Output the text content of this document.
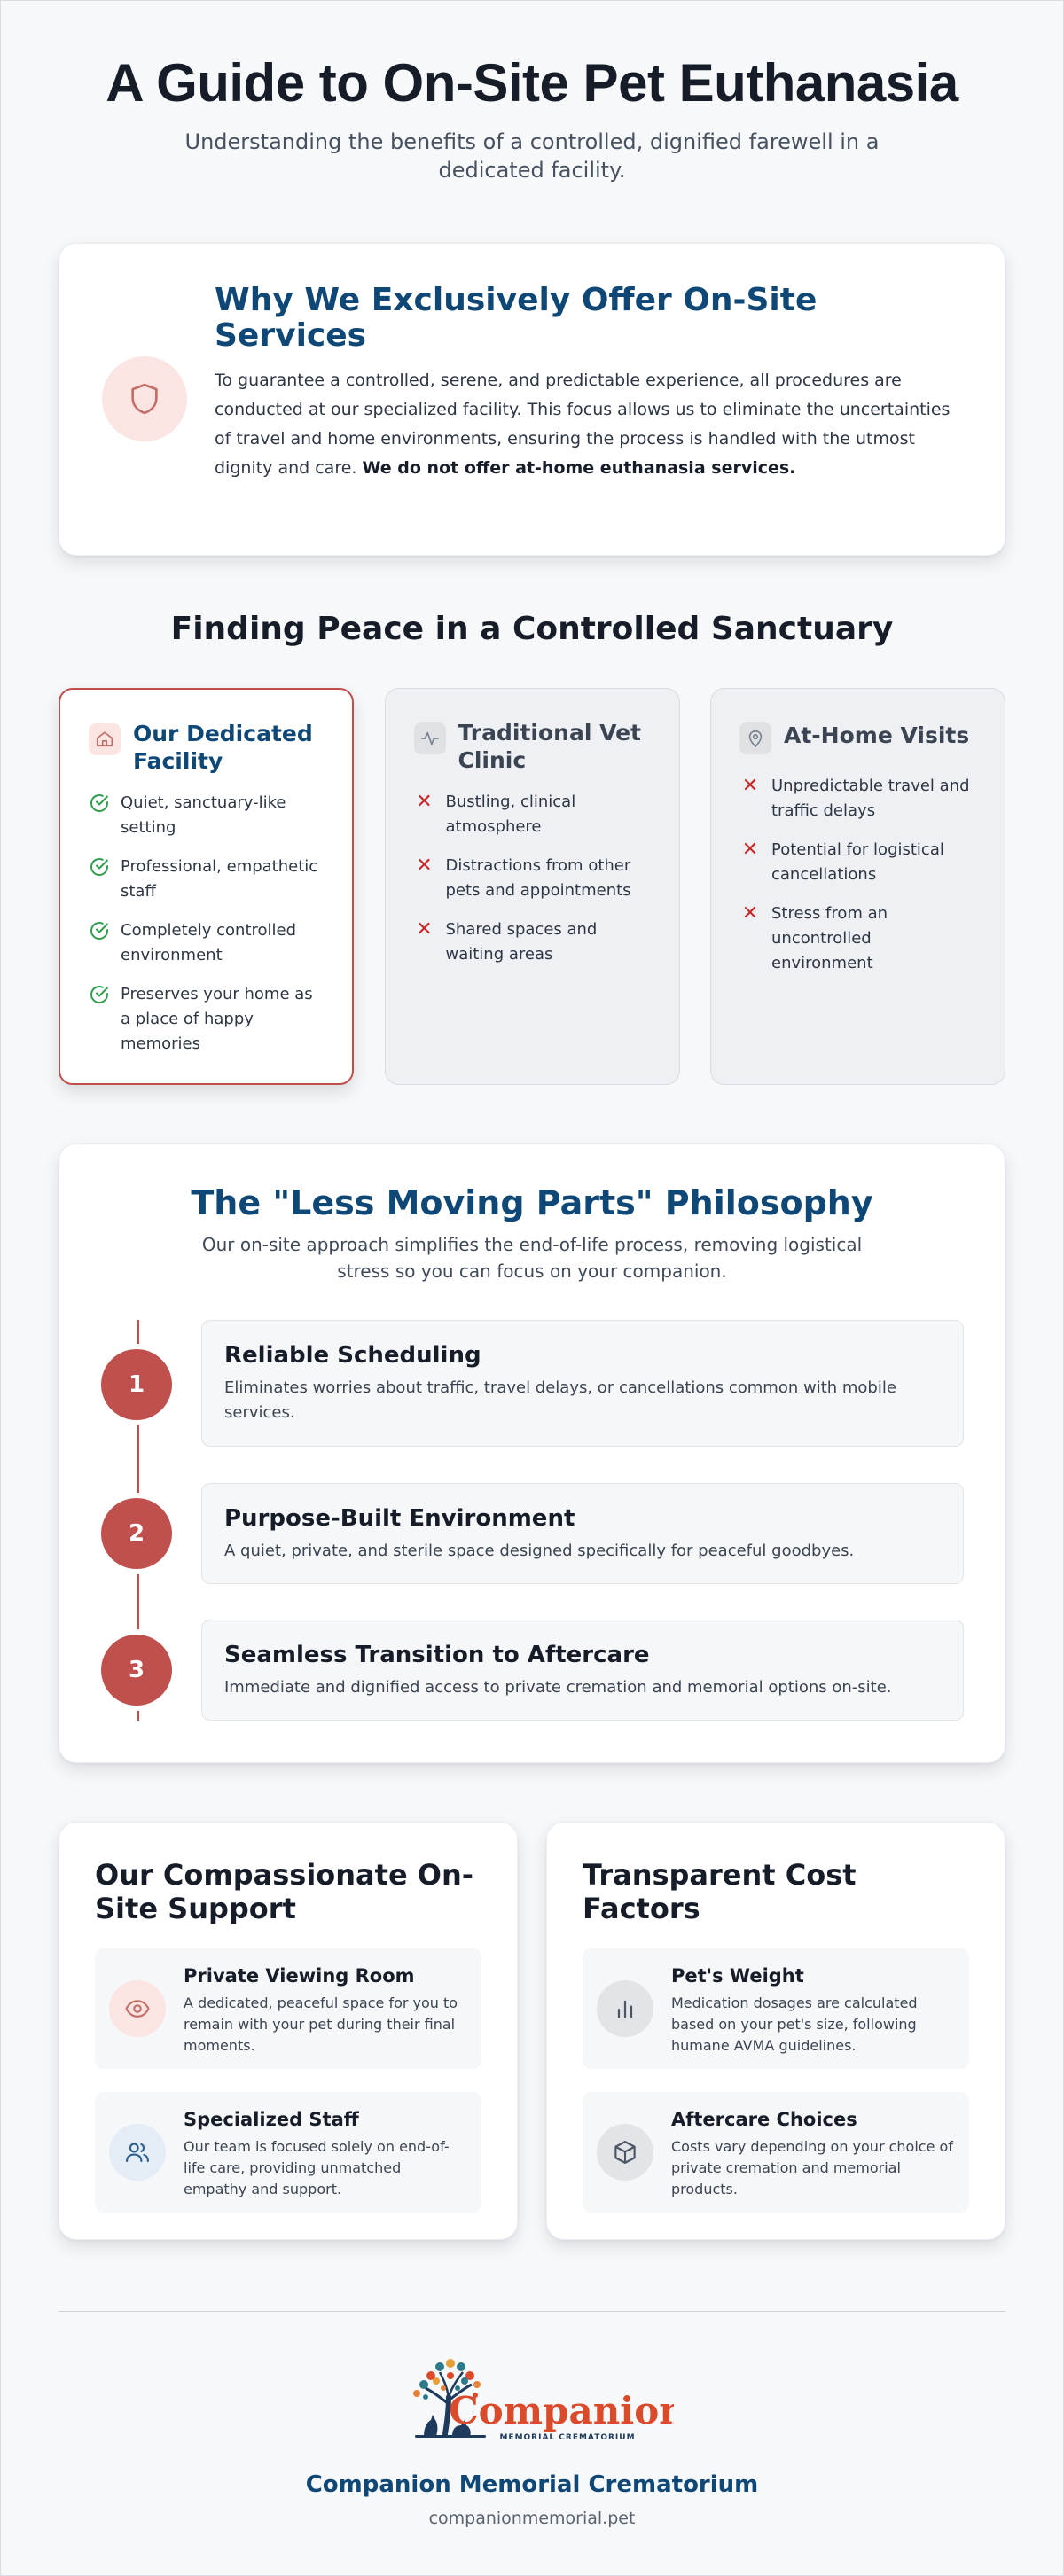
A Guide to On-Site Pet Euthanasia

Understanding the benefits of a controlled, dignified farewell in a dedicated facility.

Why We Exclusively Offer On-Site Services

To guarantee a controlled, serene, and predictable experience, all procedures are conducted at our specialized facility. This focus allows us to eliminate the uncertainties of travel and home environments, ensuring the process is handled with the utmost dignity and care. We do not offer at-home euthanasia services.

Finding Peace in a Controlled Sanctuary
Our Dedicated Facility
Quiet, sanctuary-like setting
Professional, empathetic staff
Completely controlled environment
Preserves your home as a place of happy memories
Traditional Vet Clinic
✕ Bustling, clinical atmosphere
✕ Distractions from other pets and appointments
✕ Shared spaces and waiting areas
At-Home Visits
✕ Unpredictable travel and traffic delays
✕ Potential for logistical cancellations
✕ Stress from an uncontrolled environment
The "Less Moving Parts" Philosophy

Our on-site approach simplifies the end-of-life process, removing logistical stress so you can focus on your companion.

1
Reliable Scheduling

Eliminates worries about traffic, travel delays, or cancellations common with mobile services.

2
Purpose-Built Environment

A quiet, private, and sterile space designed specifically for peaceful goodbyes.

3
Seamless Transition to Aftercare

Immediate and dignified access to private cremation and memorial options on-site.

Our Compassionate On-Site Support
Private Viewing Room

A dedicated, peaceful space for you to remain with your pet during their final moments.

Specialized Staff

Our team is focused solely on end-of-life care, providing unmatched empathy and support.

Transparent Cost Factors
Pet's Weight

Medication dosages are calculated based on your pet's size, following humane AVMA guidelines.

Aftercare Choices

Costs vary depending on your choice of private cremation and memorial products.

Companion
MEMORIAL CREMATORIUM
Companion Memorial Crematorium
companionmemorial.pet
